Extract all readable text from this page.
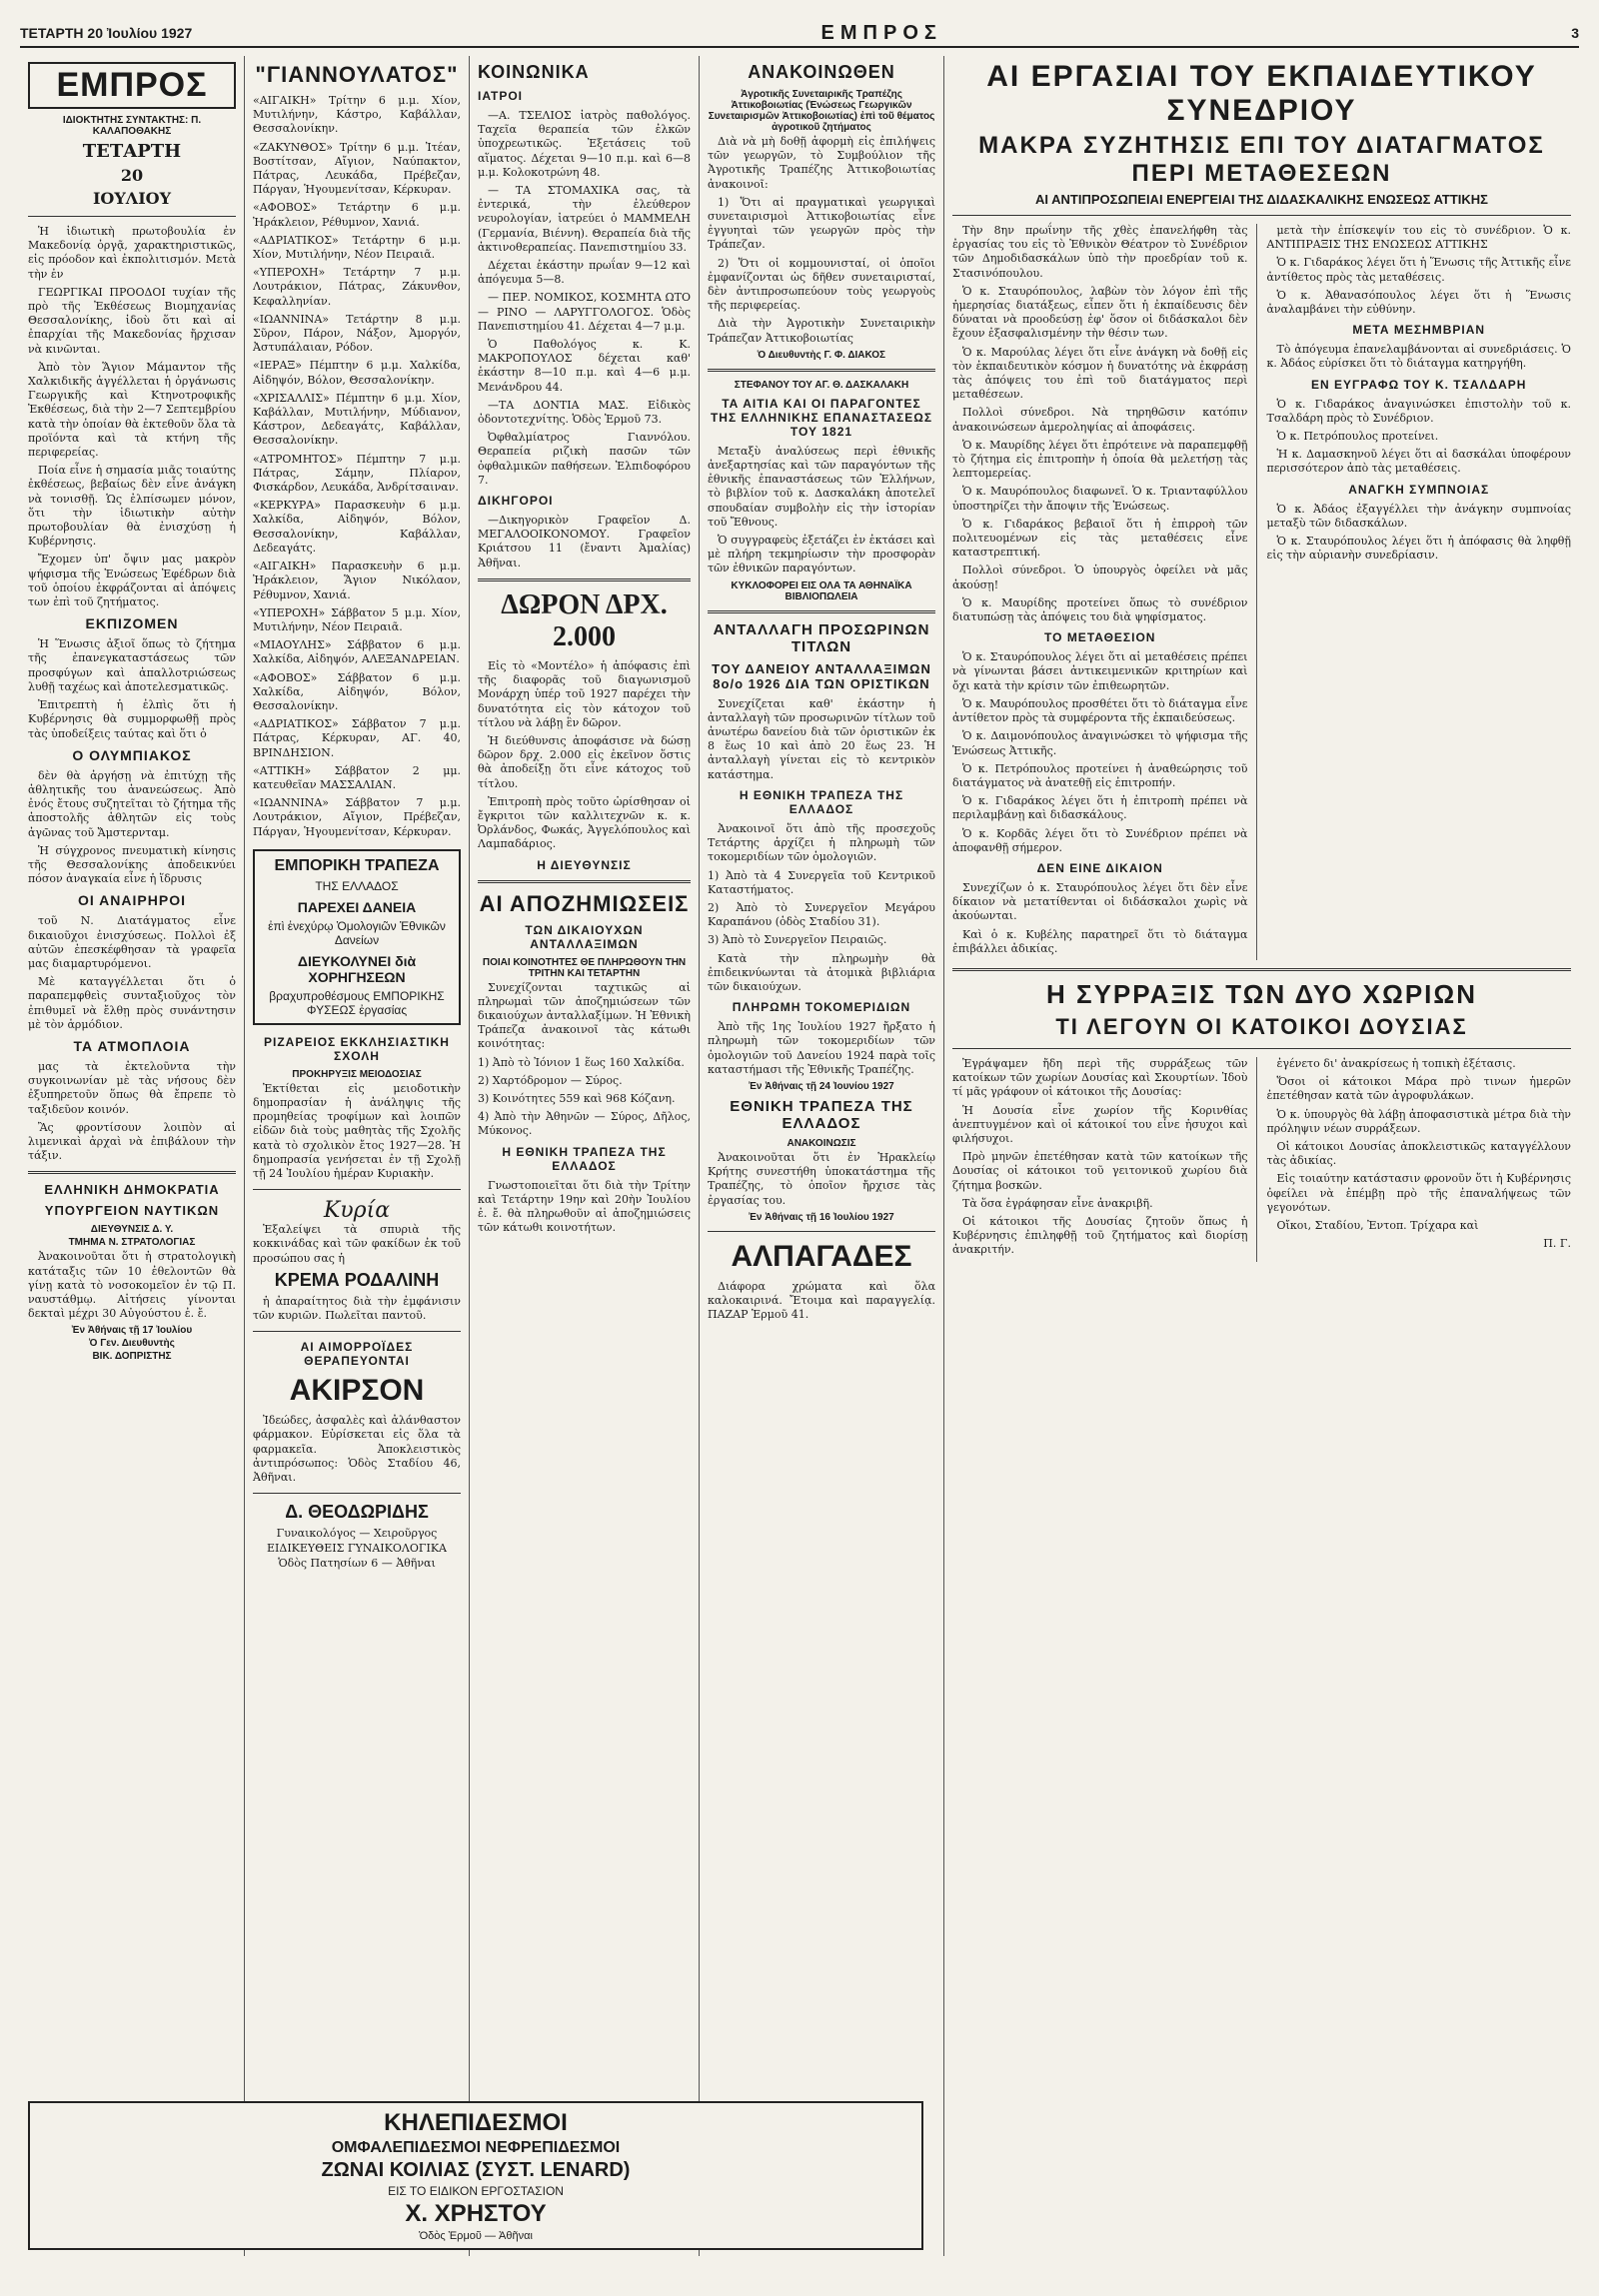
ΤΕΤΑΡΤΗ 20 Ἰουλίου 1927	ΕΜΠΡΟΣ	3
ΕΜΠΡΟΣ
ΙΔΙΟΚΤΗΤΗΣ ΣΥΝΤΑΚΤΗΣ: Π. ΚΑΛΑΠΟΘΑΚΗΣ
ΤΕΤΑΡΤΗ
20
ΙΟΥΛΙΟΥ

Ἡ ἰδιωτικὴ πρωτοβουλία ἐν Μακεδονίᾳ ὀργᾷ, χαρακτηριστικῶς, εἰς πρόοδον καὶ ἐκπολιτισμόν. Μετὰ τὴν ἐν

ΓΕΩΡΓΙΚΑΙ ΠΡΟΟΔΟΙ τυχίαν τῆς πρὸ τῆς Ἐκθέσεως Βιομηχανίας Θεσσαλονίκης, ἰδοὺ ὅτι καὶ αἱ ἐπαρχίαι τῆς Μακεδονίας ἤρχισαν νὰ κινῶνται.

Ἀπὸ τὸν Ἅγιον Μάμαντον τῆς Χαλκιδικῆς ἀγγέλλεται ἡ ὀργάνωσις Γεωργικῆς καὶ Κτηνοτροφικῆς Ἐκθέσεως, διὰ τὴν 2—7 Σεπτεμβρίου κατὰ τὴν ὁποίαν θὰ ἐκτεθοῦν ὅλα τὰ προϊόντα καὶ τὰ κτήνη τῆς περιφερείας.

Ποία εἶνε ἡ σημασία μιᾶς τοιαύτης ἐκθέσεως, βεβαίως δὲν εἶνε ἀνάγκη νὰ τονισθῇ. Ὡς ἐλπίσωμεν μόνον, ὅτι τὴν ἰδιωτικὴν αὐτὴν πρωτοβουλίαν θὰ ἐνισχύσῃ ἡ Κυβέρνησις.

Ἔχομεν ὑπ' ὄψιν μας μακρὸν ψήφισμα τῆς Ἑνώσεως Ἐφέδρων διὰ τοῦ ὁποίου ἐκφράζονται αἱ ἀπόψεις των ἐπὶ τοῦ ζητήματος.

ΕΚΠΙΖΟΜΕΝ

Ἡ Ἕνωσις ἀξιοῖ ὅπως τὸ ζήτημα τῆς ἐπανεγκαταστάσεως τῶν προσφύγων καὶ ἀπαλλοτριώσεως λυθῇ ταχέως καὶ ἀποτελεσματικῶς.

Ἐπιτρεπτὴ ἡ ἐλπὶς ὅτι ἡ Κυβέρνησις θὰ συμμορφωθῇ πρὸς τὰς ὑποδείξεις ταύτας καὶ ὅτι ὁ

Ο ΟΛΥΜΠΙΑΚΟΣ

δὲν θὰ ἀργήσῃ νὰ ἐπιτύχῃ τῆς ἀθλητικῆς του ἀνανεώσεως. Ἀπὸ ἐνός ἔτους συζητεῖται τὸ ζήτημα τῆς ἀποστολῆς ἀθλητῶν εἰς τοὺς ἀγῶνας τοῦ Ἄμστερνταμ.

Ἡ σύγχρονος πνευματικὴ κίνησις τῆς Θεσσαλονίκης ἀποδεικνύει πόσον ἀναγκαία εἶνε ἡ ἵδρυσις

ΟΙ ΑΝΑΙΡΗΡΟΙ

τοῦ Ν. Διατάγματος εἶνε δικαιοῦχοι ἐνισχύσεως. Πολλοὶ ἐξ αὐτῶν ἐπεσκέφθησαν τὰ γραφεῖα μας διαμαρτυρόμενοι.

Μὲ καταγγέλλεται ὅτι ὁ παραπεμφθεὶς συνταξιοῦχος τὸν ἐπιθυμεῖ νὰ ἔλθῃ πρὸς συνάντησιν μὲ τὸν ἁρμόδιον.

ΤΑ ΑΤΜΟΠΛΟΙΑ

μας τὰ ἐκτελοῦντα τὴν συγκοινωνίαν μὲ τὰς νήσους δὲν ἐξυπηρετοῦν ὅπως θὰ ἔπρεπε τὸ ταξιδεῦον κοινόν.

Ἂς φροντίσουν λοιπὸν αἱ λιμενικαὶ ἀρχαὶ νὰ ἐπιβάλουν τὴν τάξιν.

ΕΛΛΗΝΙΚΗ ΔΗΜΟΚΡΑΤΙΑ
ΥΠΟΥΡΓΕΙΟΝ ΝΑΥΤΙΚΩΝ
ΔΙΕΥΘΥΝΣΙΣ Δ. Υ.
ΤΜΗΜΑ Ν. ΣΤΡΑΤΟΛΟΓΙΑΣ

Ἀνακοινοῦται ὅτι ἡ στρατολογικὴ κατάταξις τῶν 10 ἐθελοντῶν θὰ γίνῃ κατὰ τὸ νοσοκομεῖον ἐν τῷ Π. ναυστάθμῳ. Αἰτήσεις γίνονται δεκταὶ μέχρι 30 Αὐγούστου ἐ. ἔ.

Ἐν Ἀθήναις τῇ 17 Ἰουλίου
Ὁ Γεν. Διευθυντὴς
ΒΙΚ. ΔΟΠΡΙΣΤΗΣ
"ΓΙΑΝΝΟΥΛΑΤΟΣ"

«ΑΙΓΑΙΚΗ» Τρίτην 6 μ.μ. Χίον, Μυτιλήνην, Κάστρο, Καβάλλαν, Θεσσαλονίκην.

«ΖΑΚΥΝΘΟΣ» Τρίτην 6 μ.μ. Ἰτέαν, Βοστίτσαν, Αἴγιον, Ναύπακτον, Πάτρας, Λευκάδα, Πρέβεζαν, Πάργαν, Ἡγουμενίτσαν, Κέρκυραν.

«ΑΦΟΒΟΣ» Τετάρτην 6 μ.μ. Ἠράκλειον, Ρέθυμνον, Χανιά.

«ΑΔΡΙΑΤΙΚΟΣ» Τετάρτην 6 μ.μ. Χίον, Μυτιλήνην, Νέον Πειραιᾶ.

«ΥΠΕΡΟΧΗ» Τετάρτην 7 μ.μ. Λουτράκιον, Πάτρας, Ζάκυνθον, Κεφαλληνίαν.

«ΙΩΑΝΝΙΝΑ» Τετάρτην 8 μ.μ. Σῦρον, Πάρον, Νάξον, Ἀμοργόν, Ἀστυπάλαιαν, Ρόδον.

«ΙΕΡΑΞ» Πέμπτην 6 μ.μ. Χαλκίδα, Αἰδηψόν, Βόλον, Θεσσαλονίκην.

«ΧΡΙΣΑΛΛΙΣ» Πέμπτην 6 μ.μ. Χίον, Καβάλλαν, Μυτιλήνην, Μύδιανον, Κάστρον, Δεδεαγάτς, Καβάλλαν, Θεσσαλονίκην.

«ΑΤΡΟΜΗΤΟΣ» Πέμπτην 7 μ.μ. Πάτρας, Σάμην, Πλίαρον, Φισκάρδον, Λευκάδα, Ἀνδρίτσαιναν.

«ΚΕΡΚΥΡΑ» Παρασκευὴν 6 μ.μ. Χαλκίδα, Αἰδηψόν, Βόλον, Θεσσαλονίκην, Καβάλλαν, Δεδεαγάτς.

«ΑΙΓΑΙΚΗ» Παρασκευὴν 6 μ.μ. Ἠράκλειον, Ἅγιον Νικόλαον, Ρέθυμνον, Χανιά.

«ΥΠΕΡΟΧΗ» Σάββατον 5 μ.μ. Χίον, Μυτιλήνην, Νέον Πειραιᾶ.

«ΜΙΑΟΥΛΗΣ» Σάββατον 6 μ.μ. Χαλκίδα, Αἰδηψόν, ΑΛΕΞΑΝΔΡΕΙΑΝ.

«ΑΦΟΒΟΣ» Σάββατον 6 μ.μ. Χαλκίδα, Αἰδηψόν, Βόλον, Θεσσαλονίκην.

«ΑΔΡΙΑΤΙΚΟΣ» Σάββατον 7 μ.μ. Πάτρας, Κέρκυραν, ΑΓ. 40, ΒΡΙΝΔΗΣΙΟΝ.

«ΑΤΤΙΚΗ» Σάββατον 2 μμ. κατευθεῖαν ΜΑΣΣΑΛΙΑΝ.

«ΙΩΑΝΝΙΝΑ» Σάββατον 7 μ.μ. Λουτράκιον, Αἴγιον, Πρέβεζαν, Πάργαν, Ἡγουμενίτσαν, Κέρκυραν.

ΕΜΠΟΡΙΚΗ ΤΡΑΠΕΖΑ
ΤΗΣ ΕΛΛΑΔΟΣ
ΠΑΡΕΧΕΙ ΔΑΝΕΙΑ
ἐπὶ ἐνεχύρῳ Ὁμολογιῶν Ἐθνικῶν Δανείων
ΔΙΕΥΚΟΛΥΝΕΙ διὰ ΧΟΡΗΓΗΣΕΩΝ
βραχυπροθέσμους ΕΜΠΟΡΙΚΗΣ ΦΥΣΕΩΣ ἐργασίας
ΡΙΖΑΡΕΙΟΣ ΕΚΚΛΗΣΙΑΣΤΙΚΗ ΣΧΟΛΗ
ΠΡΟΚΗΡΥΞΙΣ ΜΕΙΟΔΟΣΙΑΣ

Ἐκτίθεται εἰς μειοδοτικὴν δημοπρασίαν ἡ ἀνάληψις τῆς προμηθείας τροφίμων καὶ λοιπῶν εἰδῶν διὰ τοὺς μαθητὰς τῆς Σχολῆς κατὰ τὸ σχολικὸν ἔτος 1927—28. Ἡ δημοπρασία γενήσεται ἐν τῇ Σχολῇ τῇ 24 Ἰουλίου ἡμέραν Κυριακὴν.

Κυρία

Ἐξαλείψει τὰ σπυριὰ τῆς κοκκινάδας καὶ τῶν φακίδων ἐκ τοῦ προσώπου σας ἡ

ΚΡΕΜΑ ΡΟΔΑΛΙΝΗ

ἡ ἀπαραίτητος διὰ τὴν ἐμφάνισιν τῶν κυριῶν. Πωλεῖται παντοῦ.

ΑΙ ΑΙΜΟΡΡΟΪΔΕΣ ΘΕΡΑΠΕΥΟΝΤΑΙ
ΑΚΙΡΣΟΝ

Ἰδεώδες, ἀσφαλὲς καὶ ἀλάνθαστον φάρμακον. Εὑρίσκεται εἰς ὅλα τὰ φαρμακεῖα. Ἀποκλειστικὸς ἀντιπρόσωπος: Ὁδὸς Σταδίου 46, Ἀθῆναι.

Δ. ΘΕΟΔΩΡΙΔΗΣ
Γυναικολόγος — Χειροῦργος
ΕΙΔΙΚΕΥΘΕΙΣ ΓΥΝΑΙΚΟΛΟΓΙΚΑ
Ὁδὸς Πατησίων 6 — Ἀθῆναι
ΚΟΙΝΩΝΙΚΑ
ΙΑΤΡΟΙ

—Α. ΤΣΕΛΙΟΣ ἰατρὸς παθολόγος. Ταχεῖα θεραπεία τῶν ἐλκῶν ὑποχρεωτικῶς. Ἐξετάσεις τοῦ αἵματος. Δέχεται 9—10 π.μ. καὶ 6—8 μ.μ. Κολοκοτρώνη 48.

— ΤΑ ΣΤΟΜΑΧΙΚΑ σας, τὰ ἐντερικά, τὴν ἐλεύθερον νευρολογίαν, ἰατρεύει ὁ ΜΑΜΜΕΛΗ (Γερμανία, Βιέννη). Θεραπεία διὰ τῆς ἀκτινοθεραπείας. Πανεπιστημίου 33.

Δέχεται ἑκάστην πρωΐαν 9—12 καὶ ἀπόγευμα 5—8.

— ΠΕΡ. ΝΟΜΙΚΟΣ, ΚΟΣΜΗΤΑ ΩΤΟ — ΡΙΝΟ — ΛΑΡΥΓΓΟΛΟΓΟΣ. Ὁδὸς Πανεπιστημίου 41. Δέχεται 4—7 μ.μ.

Ὁ Παθολόγος κ. Κ. ΜΑΚΡΟΠΟΥΛΟΣ δέχεται καθ' ἑκάστην 8—10 π.μ. καὶ 4—6 μ.μ. Μενάνδρου 44.

—ΤΑ ΔΟΝΤΙΑ ΜΑΣ. Εἰδικὸς ὀδοντοτεχνίτης. Ὁδὸς Ἑρμοῦ 73.

Ὀφθαλμίατρος Γιαννόλου. Θεραπεία ριζικὴ πασῶν τῶν ὀφθαλμικῶν παθήσεων. Ἐλπιδοφόρου 7.

ΔΙΚΗΓΟΡΟΙ

—Δικηγορικὸν Γραφεῖον Δ. ΜΕΓΑΛΟΟΙΚΟΝΟΜΟΥ. Γραφεῖον Κριάτσου 11 (ἔναντι Ἀμαλίας) Ἀθῆναι.

ΔΩΡΟΝ ΔΡΧ. 2.000

Εἰς τὸ «Μοντέλο» ἡ ἀπόφασις ἐπὶ τῆς διαφορᾶς τοῦ διαγωνισμοῦ Μονάρχη ὑπέρ τοῦ 1927 παρέχει τὴν δυνατότητα εἰς τὸν κάτοχον τοῦ τίτλου νὰ λάβῃ ἓν δῶρον.

Ἡ διεύθυνσις ἀποφάσισε νὰ δώσῃ δῶρον δρχ. 2.000 εἰς ἐκεῖνον ὅστις θὰ ἀποδείξῃ ὅτι εἶνε κάτοχος τοῦ τίτλου.

Ἐπιτροπὴ πρὸς τοῦτο ὡρίσθησαν οἱ ἔγκριτοι τῶν καλλιτεχνῶν κ. κ. Ὀρλάνδος, Φωκάς, Ἀγγελόπουλος καὶ Λαμπαδάριος.

Η ΔΙΕΥΘΥΝΣΙΣ
ΑΙ ΑΠΟΖΗΜΙΩΣΕΙΣ
ΤΩΝ ΔΙΚΑΙΟΥΧΩΝ ΑΝΤΑΛΛΑΞΙΜΩΝ
ΠΟΙΑΙ ΚΟΙΝΟΤΗΤΕΣ ΘΕ ΠΛΗΡΩΘΟΥΝ ΤΗΝ ΤΡΙΤΗΝ ΚΑΙ ΤΕΤΑΡΤΗΝ

Συνεχίζονται ταχτικῶς αἱ πληρωμαὶ τῶν ἀποζημιώσεων τῶν δικαιούχων ἀνταλλαξίμων. Ἡ Ἐθνικὴ Τράπεζα ἀνακοινοῖ τὰς κάτωθι κοινότητας:

1) Ἀπὸ τὸ Ἰόνιον 1 ἕως 160 Χαλκίδα.

2) Χαρτόδρομον — Σύρος.

3) Κοινότητες 559 καὶ 968 Κόζανη.

4) Ἀπὸ τὴν Ἀθηνῶν — Σύρος, Δῆλος, Μύκονος.

Η ΕΘΝΙΚΗ ΤΡΑΠΕΖΑ ΤΗΣ ΕΛΛΑΔΟΣ

Γνωστοποιεῖται ὅτι διὰ τὴν Τρίτην καὶ Τετάρτην 19ην καὶ 20ὴν Ἰουλίου ἐ. ἔ. θὰ πληρωθοῦν αἱ ἀποζημιώσεις τῶν κάτωθι κοινοτήτων.

ΑΝΑΚΟΙΝΩΘΕΝ
Ἀγροτικῆς Συνεταιρικῆς Τραπέζης Ἀττικοβοιωτίας (Ἑνώσεως Γεωργικῶν Συνεταιρισμῶν Ἀττικοβοιωτίας) ἐπὶ τοῦ θέματος ἀγροτικοῦ ζητήματος

Διὰ νὰ μὴ δοθῇ ἀφορμὴ εἰς ἐπιλήψεις τῶν γεωργῶν, τὸ Συμβούλιον τῆς Ἀγροτικῆς Τραπέζης Ἀττικοβοιωτίας ἀνακοινοῖ:

1) Ὅτι αἱ πραγματικαὶ γεωργικαὶ συνεταιρισμοὶ Ἀττικοβοιωτίας εἶνε ἐγγυηταὶ τῶν γεωργῶν πρὸς τὴν Τράπεζαν.

2) Ὅτι οἱ κομμουνισταί, οἱ ὁποῖοι ἐμφανίζονται ὡς δῆθεν συνεταιρισταί, δὲν ἀντιπροσωπεύουν τοὺς γεωργοὺς τῆς περιφερείας.

Διὰ τὴν Ἀγροτικὴν Συνεταιρικὴν Τράπεζαν Ἀττικοβοιωτίας

Ὁ Διευθυντὴς Γ. Φ. ΔΙΑΚΟΣ
ΣΤΕΦΑΝΟΥ ΤΟΥ ΑΓ. Θ. ΔΑΣΚΑΛΑΚΗ
ΤΑ ΑΙΤΙΑ ΚΑΙ ΟΙ ΠΑΡΑΓΟΝΤΕΣ ΤΗΣ ΕΛΛΗΝΙΚΗΣ ΕΠΑΝΑΣΤΑΣΕΩΣ ΤΟΥ 1821

Μεταξὺ ἀναλύσεως περὶ ἐθνικῆς ἀνεξαρτησίας καὶ τῶν παραγόντων τῆς ἐθνικῆς ἐπαναστάσεως τῶν Ἑλλήνων, τὸ βιβλίον τοῦ κ. Δασκαλάκη ἀποτελεῖ σπουδαίαν συμβολὴν εἰς τὴν ἱστορίαν τοῦ Ἔθνους.

Ὁ συγγραφεὺς ἐξετάζει ἐν ἐκτάσει καὶ μὲ πλήρη τεκμηρίωσιν τὴν προσφορὰν τῶν ἐθνικῶν παραγόντων.

ΚΥΚΛΟΦΟΡΕΙ ΕΙΣ ΟΛΑ ΤΑ ΑΘΗΝΑΪΚΑ ΒΙΒΛΙΟΠΩΛΕΙΑ
ΑΝΤΑΛΛΑΓΗ ΠΡΟΣΩΡΙΝΩΝ ΤΙΤΛΩΝ
ΤΟΥ ΔΑΝΕΙΟΥ ΑΝΤΑΛΛΑΞΙΜΩΝ 8ο/ο 1926 ΔΙΑ ΤΩΝ ΟΡΙΣΤΙΚΩΝ

Συνεχίζεται καθ' ἑκάστην ἡ ἀνταλλαγὴ τῶν προσωρινῶν τίτλων τοῦ ἀνωτέρω δανείου διὰ τῶν ὁριστικῶν ἐκ 8 ἕως 10 καὶ ἀπὸ 20 ἕως 23. Ἡ ἀνταλλαγὴ γίνεται εἰς τὸ κεντρικὸν κατάστημα.

Η ΕΘΝΙΚΗ ΤΡΑΠΕΖΑ ΤΗΣ ΕΛΛΑΔΟΣ

Ἀνακοινοῖ ὅτι ἀπὸ τῆς προσεχοῦς Τετάρτης ἀρχίζει ἡ πληρωμὴ τῶν τοκομεριδίων τῶν ὁμολογιῶν.

1) Ἀπὸ τὰ 4 Συνεργεῖα τοῦ Κεντρικοῦ Καταστήματος.

2) Ἀπὸ τὸ Συνεργεῖον Μεγάρου Καραπάνου (ὁδὸς Σταδίου 31).

3) Ἀπὸ τὸ Συνεργεῖον Πειραιῶς.

Κατὰ τὴν πληρωμὴν θὰ ἐπιδεικνύωνται τὰ ἀτομικὰ βιβλιάρια τῶν δικαιούχων.

ΠΛΗΡΩΜΗ ΤΟΚΟΜΕΡΙΔΙΩΝ

Ἀπὸ τῆς 1ης Ἰουλίου 1927 ἤρξατο ἡ πληρωμὴ τῶν τοκομεριδίων τῶν ὁμολογιῶν τοῦ Δανείου 1924 παρὰ τοῖς καταστήμασι τῆς Ἐθνικῆς Τραπέζης.

Ἐν Ἀθήναις τῇ 24 Ἰουνίου 1927
ΕΘΝΙΚΗ ΤΡΑΠΕΖΑ ΤΗΣ ΕΛΛΑΔΟΣ
ΑΝΑΚΟΙΝΩΣΙΣ

Ἀνακοινοῦται ὅτι ἐν Ἡρακλείῳ Κρήτης συνεστήθη ὑποκατάστημα τῆς Τραπέζης, τὸ ὁποῖον ἤρχισε τὰς ἐργασίας του.

Ἐν Ἀθήναις τῇ 16 Ἰουλίου 1927
ΑΛΠΑΓΑΔΕΣ

Διάφορα χρώματα καὶ ὅλα καλοκαιρινά. Ἔτοιμα καὶ παραγγελίᾳ. ΠΑΖΑΡ Ἑρμοῦ 41.

ΑΙ ΕΡΓΑΣΙΑΙ ΤΟΥ ΕΚΠΑΙΔΕΥΤΙΚΟΥ ΣΥΝΕΔΡΙΟΥ
ΜΑΚΡΑ ΣΥΖΗΤΗΣΙΣ ΕΠΙ ΤΟΥ ΔΙΑΤΑΓΜΑΤΟΣ ΠΕΡΙ ΜΕΤΑΘΕΣΕΩΝ
ΑΙ ΑΝΤΙΠΡΟΣΩΠΕΙΑΙ ΕΝΕΡΓΕΙΑΙ ΤΗΣ ΔΙΔΑΣΚΑΛΙΚΗΣ ΕΝΩΣΕΩΣ ΑΤΤΙΚΗΣ

Τὴν 8ην πρωΐνην τῆς χθὲς ἐπανελήφθη τὰς ἐργασίας του εἰς τὸ Ἐθνικὸν Θέατρον τὸ Συνέδριον τῶν Δημοδιδασκάλων ὑπὸ τὴν προεδρίαν τοῦ κ. Στασινόπουλου.

Ὁ κ. Σταυρόπουλος, λαβὼν τὸν λόγον ἐπὶ τῆς ἡμερησίας διατάξεως, εἶπεν ὅτι ἡ ἐκπαίδευσις δὲν δύναται νὰ προοδεύσῃ ἐφ' ὅσον οἱ διδάσκαλοι δὲν ἔχουν ἐξασφαλισμένην τὴν θέσιν των.

Ὁ κ. Μαρούλας λέγει ὅτι εἶνε ἀνάγκη νὰ δοθῇ εἰς τὸν ἐκπαιδευτικὸν κόσμον ἡ δυνατότης νὰ ἐκφράσῃ τὰς ἀπόψεις του ἐπὶ τοῦ διατάγματος περὶ μεταθέσεων.

Πολλοὶ σύνεδροι. Νὰ τηρηθῶσιν κατόπιν ἀνακοινώσεων ἀμεροληψίας αἱ ἀποφάσεις.

Ὁ κ. Μαυρίδης λέγει ὅτι ἐπρότεινε νὰ παραπεμφθῇ τὸ ζήτημα εἰς ἐπιτροπὴν ἡ ὁποία θὰ μελετήσῃ τὰς λεπτομερείας.

Ὁ κ. Μαυρόπουλος διαφωνεῖ. Ὁ κ. Τριανταφύλλου ὑποστηρίζει τὴν ἄποψιν τῆς Ἑνώσεως.

Ὁ κ. Γιδαράκος βεβαιοῖ ὅτι ἡ ἐπιρροὴ τῶν πολιτευομένων εἰς τὰς μεταθέσεις εἶνε καταστρεπτική.

Πολλοὶ σύνεδροι. Ὁ ὑπουργὸς ὀφείλει νὰ μᾶς ἀκούσῃ!

Ὁ κ. Μαυρίδης προτείνει ὅπως τὸ συνέδριον διατυπώσῃ τὰς ἀπόψεις του διὰ ψηφίσματος.

ΤΟ ΜΕΤΑΘΕΣΙΟΝ

Ὁ κ. Σταυρόπουλος λέγει ὅτι αἱ μεταθέσεις πρέπει νὰ γίνωνται βάσει ἀντικειμενικῶν κριτηρίων καὶ ὄχι κατὰ τὴν κρίσιν τῶν ἐπιθεωρητῶν.

Ὁ κ. Μαυρόπουλος προσθέτει ὅτι τὸ διάταγμα εἶνε ἀντίθετον πρὸς τὰ συμφέροντα τῆς ἐκπαιδεύσεως.

Ὁ κ. Δαιμονόπουλος ἀναγινώσκει τὸ ψήφισμα τῆς Ἑνώσεως Ἀττικῆς.

Ὁ κ. Πετρόπουλος προτείνει ἡ ἀναθεώρησις τοῦ διατάγματος νὰ ἀνατεθῇ εἰς ἐπιτροπήν.

Ὁ κ. Γιδαράκος λέγει ὅτι ἡ ἐπιτροπὴ πρέπει νὰ περιλαμβάνῃ καὶ διδασκάλους.

Ὁ κ. Κορδᾶς λέγει ὅτι τὸ Συνέδριον πρέπει νὰ ἀποφανθῇ σήμερον.

ΔΕΝ ΕΙΝΕ ΔΙΚΑΙΟΝ

Συνεχίζων ὁ κ. Σταυρόπουλος λέγει ὅτι δὲν εἶνε δίκαιον νὰ μετατίθενται οἱ διδάσκαλοι χωρὶς νὰ ἀκούωνται.

Καὶ ὁ κ. Κυβέλης παρατηρεῖ ὅτι τὸ διάταγμα ἐπιβάλλει ἀδικίας.

μετὰ τὴν ἐπίσκεψίν του εἰς τὸ συνέδριον. Ὁ κ. ΑΝΤΙΠΡΑΞΙΣ ΤΗΣ ΕΝΩΣΕΩΣ ΑΤΤΙΚΗΣ

Ὁ κ. Γιδαράκος λέγει ὅτι ἡ Ἕνωσις τῆς Ἀττικῆς εἶνε ἀντίθετος πρὸς τὰς μεταθέσεις.

Ὁ κ. Ἀθανασόπουλος λέγει ὅτι ἡ Ἕνωσις ἀναλαμβάνει τὴν εὐθύνην.

ΜΕΤΑ ΜΕΣΗΜΒΡΙΑΝ

Τὸ ἀπόγευμα ἐπανελαμβάνονται αἱ συνεδριάσεις. Ὁ κ. Ἀδάος εὑρίσκει ὅτι τὸ διάταγμα κατηργήθη.

ΕΝ ΕΥΓΡΑΦΩ ΤΟΥ Κ. ΤΣΑΛΔΑΡΗ

Ὁ κ. Γιδαράκος ἀναγινώσκει ἐπιστολὴν τοῦ κ. Τσαλδάρη πρὸς τὸ Συνέδριον.

Ὁ κ. Πετρόπουλος προτείνει.

Ἡ κ. Δαμασκηνοῦ λέγει ὅτι αἱ δασκάλαι ὑποφέρουν περισσότερον ἀπὸ τὰς μεταθέσεις.

ΑΝΑΓΚΗ ΣΥΜΠΝΟΙΑΣ

Ὁ κ. Ἀδάος ἐξαγγέλλει τὴν ἀνάγκην συμπνοίας μεταξὺ τῶν διδασκάλων.

Ὁ κ. Σταυρόπουλος λέγει ὅτι ἡ ἀπόφασις θὰ ληφθῇ εἰς τὴν αὐριανὴν συνεδρίασιν.

Η ΣΥΡΡΑΞΙΣ ΤΩΝ ΔΥΟ ΧΩΡΙΩΝ
ΤΙ ΛΕΓΟΥΝ ΟΙ ΚΑΤΟΙΚΟΙ ΔΟΥΣΙΑΣ

Ἐγράψαμεν ἤδη περὶ τῆς συρράξεως τῶν κατοίκων τῶν χωρίων Δουσίας καὶ Σκουρτίων. Ἰδοὺ τί μᾶς γράφουν οἱ κάτοικοι τῆς Δουσίας:

Ἡ Δουσία εἶνε χωρίον τῆς Κορινθίας ἀνεπτυγμένον καὶ οἱ κάτοικοί του εἶνε ἡσυχοι καὶ φιλήσυχοι.

Πρὸ μηνῶν ἐπετέθησαν κατὰ τῶν κατοίκων τῆς Δουσίας οἱ κάτοικοι τοῦ γειτονικοῦ χωρίου διὰ ζήτημα βοσκῶν.

Τὰ ὅσα ἐγράφησαν εἶνε ἀνακριβῆ.

Οἱ κάτοικοι τῆς Δουσίας ζητοῦν ὅπως ἡ Κυβέρνησις ἐπιληφθῇ τοῦ ζητήματος καὶ διορίσῃ ἀνακριτήν.

ἐγένετο δι' ἀνακρίσεως ἡ τοπικὴ ἐξέτασις.

Ὅσοι οἱ κάτοικοι Μάρα πρὸ τινων ἡμερῶν ἐπετέθησαν κατὰ τῶν ἀγροφυλάκων.

Ὁ κ. ὑπουργὸς θὰ λάβῃ ἀποφασιστικὰ μέτρα διὰ τὴν πρόληψιν νέων συρράξεων.

Οἱ κάτοικοι Δουσίας ἀποκλειστικῶς καταγγέλλουν τὰς ἀδικίας.

Εἰς τοιαύτην κατάστασιν φρονοῦν ὅτι ἡ Κυβέρνησις ὀφείλει νὰ ἐπέμβῃ πρὸ τῆς ἐπαναλήψεως τῶν γεγονότων.

Οἴκοι, Σταδίου, Ἐντοπ. Τρίχαρα καὶ

Π. Γ.

ΚΗΛΕΠΙΔΕΣΜΟΙ
ΟΜΦΑΛΕΠΙΔΕΣΜΟΙ ΝΕΦΡΕΠΙΔΕΣΜΟΙ
ΖΩΝΑΙ ΚΟΙΛΙΑΣ (ΣΥΣΤ. LENARD)
ΕΙΣ ΤΟ ΕΙΔΙΚΟΝ ΕΡΓΟΣΤΑΣΙΟΝ
Χ. ΧΡΗΣΤΟΥ
Ὁδὸς Ἑρμοῦ — Ἀθῆναι
